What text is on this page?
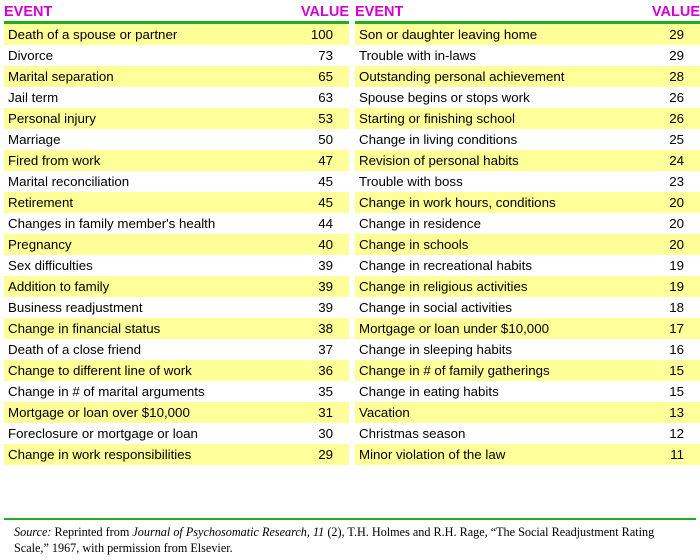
EVENT	VALUE
Death of a spouse or partner	100
Divorce	73
Marital separation	65
Jail term	63
Personal injury	53
Marriage	50
Fired from work	47
Marital reconciliation	45
Retirement	45
Changes in family member's health	44
Pregnancy	40
Sex difficulties	39
Addition to family	39
Business readjustment	39
Change in financial status	38
Death of a close friend	37
Change to different line of work	36
Change in # of marital arguments	35
Mortgage or loan over $10,000	31
Foreclosure or mortgage or loan	30
Change in work responsibilities	29
EVENT	VALUE
Son or daughter leaving home	29
Trouble with in-laws	29
Outstanding personal achievement	28
Spouse begins or stops work	26
Starting or finishing school	26
Change in living conditions	25
Revision of personal habits	24
Trouble with boss	23
Change in work hours, conditions	20
Change in residence	20
Change in schools	20
Change in recreational habits	19
Change in religious activities	19
Change in social activities	18
Mortgage or loan under $10,000	17
Change in sleeping habits	16
Change in # of family gatherings	15
Change in eating habits	15
Vacation	13
Christmas season	12
Minor violation of the law	11
Source: Reprinted from Journal of Psychosomatic Research, 11 (2), T.H. Holmes and R.H. Rage, “The Social Readjustment Rating Scale,” 1967, with permission from Elsevier.
